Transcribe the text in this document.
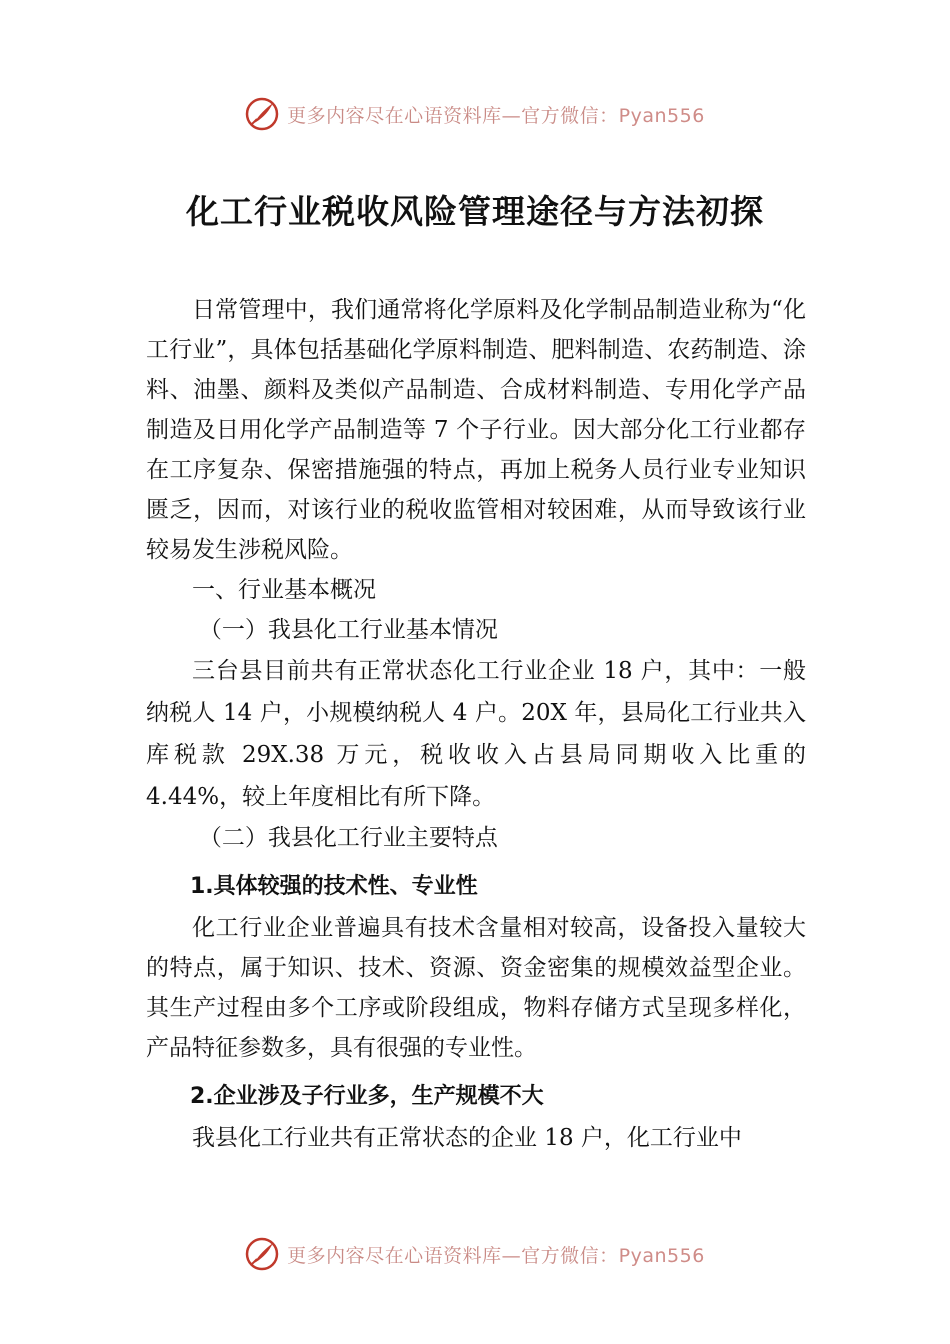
更多内容尽在心语资料库—官方微信：Pyan556
化工行业税收风险管理途径与方法初探

日常管理中，我们通常将化学原料及化学制品制造业称为“化工行业”，具体包括基础化学原料制造、肥料制造、农药制造、涂料、油墨、颜料及类似产品制造、合成材料制造、专用化学产品制造及日用化学产品制造等 7 个子行业。因大部分化工行业都存在工序复杂、保密措施强的特点，再加上税务人员行业专业知识匮乏，因而，对该行业的税收监管相对较困难，从而导致该行业较易发生涉税风险。

一、行业基本概况

（一）我县化工行业基本情况

三台县目前共有正常状态化工行业企业 18 户，其中：一般纳税人 14 户，小规模纳税人 4 户。20X 年，县局化工行业共入库税款 29X.38 万元，税收收入占县局同期收入比重的 4.44%，较上年度相比有所下降。

（二）我县化工行业主要特点

1.具体较强的技术性、专业性

化工行业企业普遍具有技术含量相对较高，设备投入量较大的特点，属于知识、技术、资源、资金密集的规模效益型企业。其生产过程由多个工序或阶段组成，物料存储方式呈现多样化，产品特征参数多，具有很强的专业性。

2.企业涉及子行业多，生产规模不大

我县化工行业共有正常状态的企业 18 户，化工行业中

更多内容尽在心语资料库—官方微信：Pyan556
